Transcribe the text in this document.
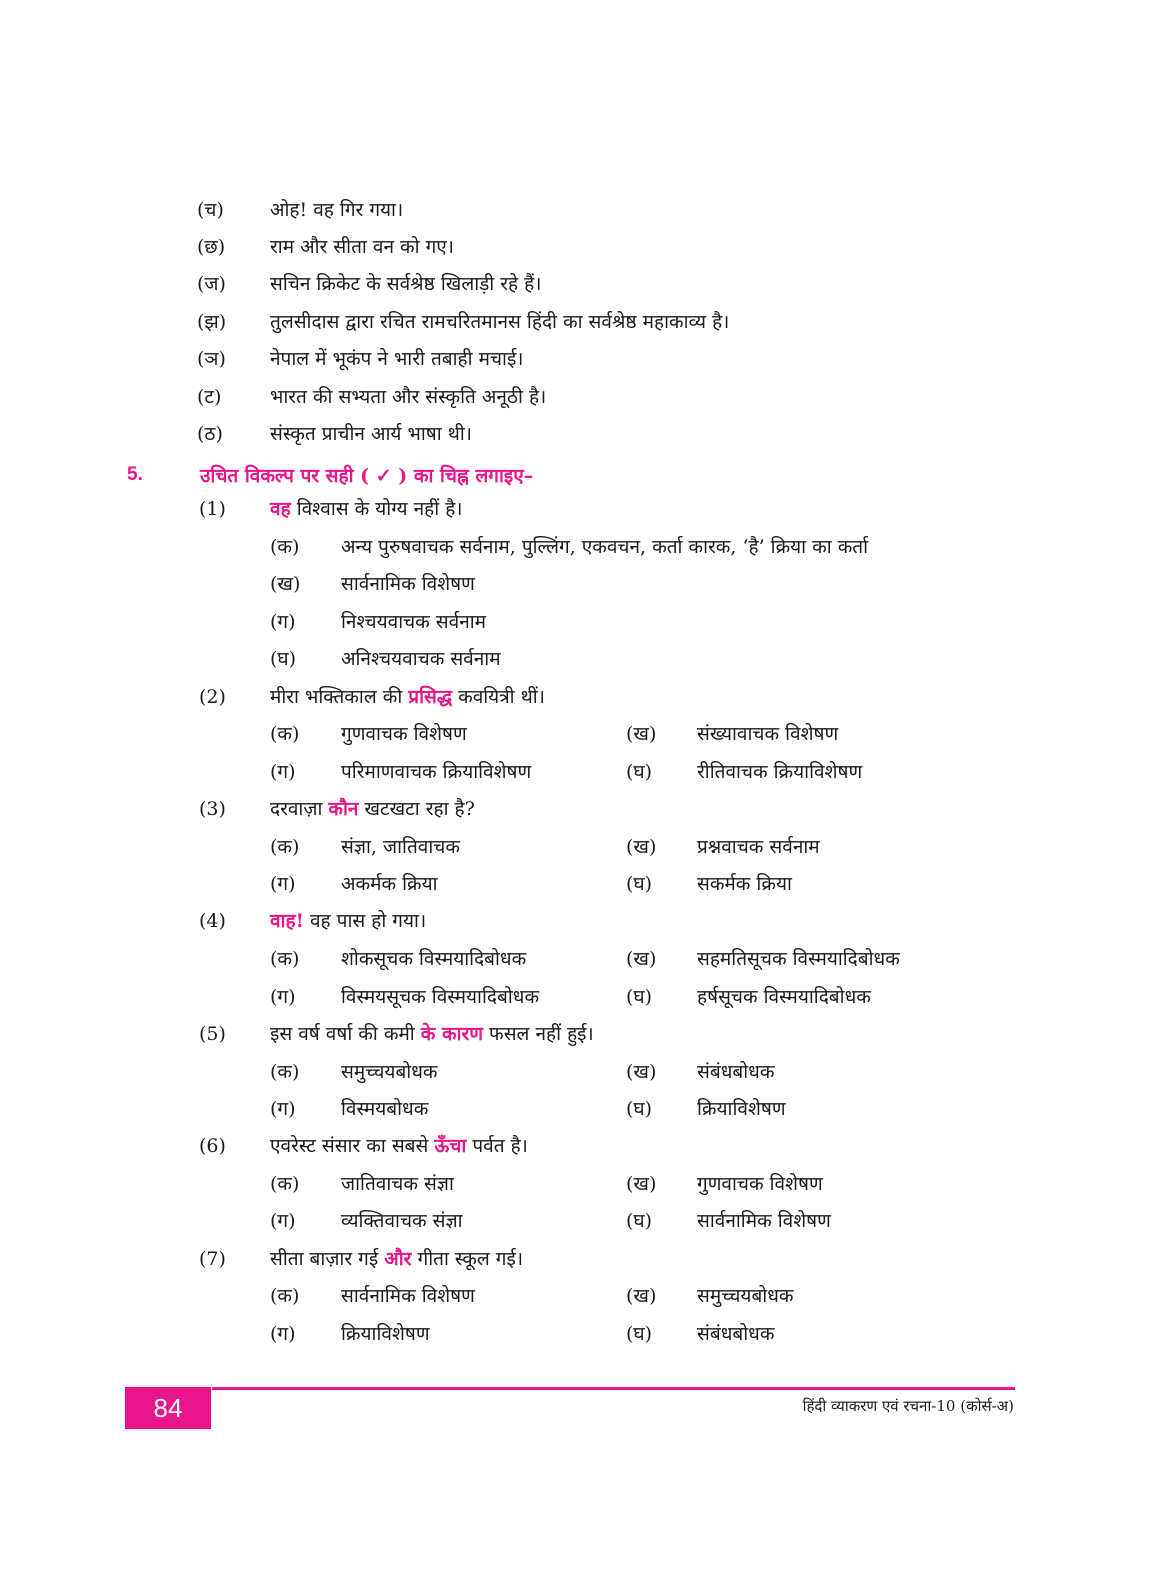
(च) ओह! वह गिर गया।
(छ) राम और सीता वन को गए।
(ज) सचिन क्रिकेट के सर्वश्रेष्ठ खिलाड़ी रहे हैं।
(झ) तुलसीदास द्वारा रचित रामचरितमानस हिंदी का सर्वश्रेष्ठ महाकाव्य है।
(ञ) नेपाल में भूकंप ने भारी तबाही मचाई।
(ट)	भारत की सभ्यता और संस्कृति अनूठी है।
(ठ) संस्कृत प्राचीन आर्य भाषा थी।
5.	उचित विकल्प पर सही ( ✓ ) का चिह्न लगाइए–
(1) वह विश्वास के योग्य नहीं है।
(क) अन्य पुरुषवाचक सर्वनाम, पुल्लिंग, एकवचन, कर्ता कारक, ‘है’ क्रिया का कर्ता
(ख) सार्वनामिक विशेषण
(ग) निश्चयवाचक सर्वनाम
(घ) अनिश्चयवाचक सर्वनाम
(2) मीरा भक्तिकाल की प्रसिद्ध कवयित्री थीं।
(क) गुणवाचक विशेषण	(ख) संख्यावाचक विशेषण
(ग) परिमाणवाचक क्रियाविशेषण	(घ) रीतिवाचक क्रियाविशेषण
(3) दरवाज़ा कौन खटखटा रहा है?
(क) संज्ञा, जातिवाचक	(ख) प्रश्नवाचक सर्वनाम
(ग) अकर्मक क्रिया	(घ) सकर्मक क्रिया
(4) वाह! वह पास हो गया।
(क) शोकसूचक विस्मयादिबोधक	(ख) सहमतिसूचक विस्मयादिबोधक
(ग) विस्मयसूचक विस्मयादिबोधक	(घ) हर्षसूचक विस्मयादिबोधक
(5) इस वर्ष वर्षा की कमी के कारण फसल नहीं हुई।
(क) समुच्चयबोधक	(ख) संबंधबोधक
(ग) विस्मयबोधक	(घ) क्रियाविशेषण
(6) एवरेस्ट संसार का सबसे ऊँचा पर्वत है।
(क) जातिवाचक संज्ञा	(ख) गुणवाचक विशेषण
(ग) व्यक्तिवाचक संज्ञा	(घ) सार्वनामिक विशेषण
(7) सीता बाज़ार गई और गीता स्कूल गई।
(क) सार्वनामिक विशेषण	(ख) समुच्चयबोधक
(ग) क्रियाविशेषण	(घ) संबंधबोधक
84	हिंदी व्याकरण एवं रचना-10 (कोर्स-अ)
